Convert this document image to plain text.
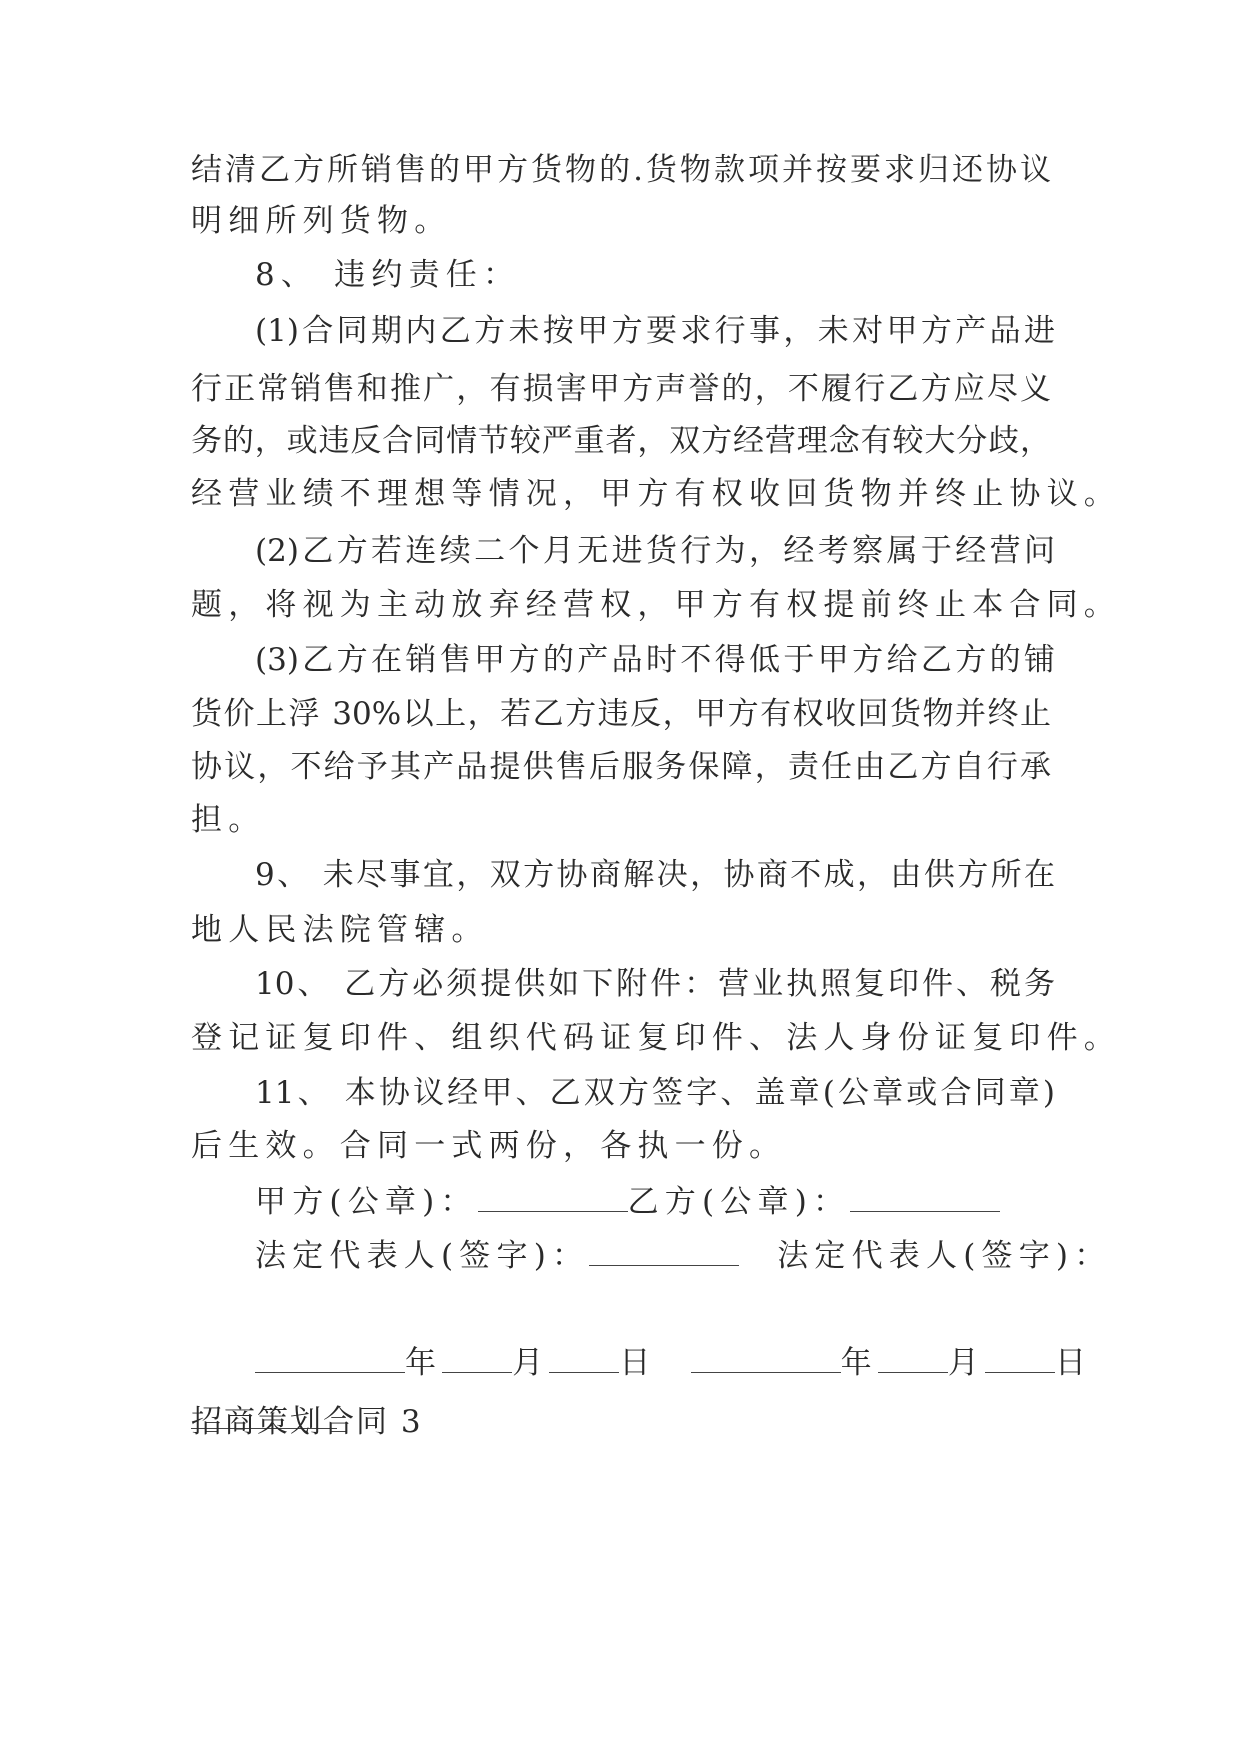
结清乙方所销售的甲方货物的.货物款项并按要求归还协议
明细所列货物。
8、 违约责任：
(1)合同期内乙方未按甲方要求行事，未对甲方产品进
行正常销售和推广，有损害甲方声誉的，不履行乙方应尽义
务的，或违反合同情节较严重者，双方经营理念有较大分歧，
经营业绩不理想等情况，甲方有权收回货物并终止协议。
(2)乙方若连续二个月无进货行为，经考察属于经营问
题，将视为主动放弃经营权，甲方有权提前终止本合同。
(3)乙方在销售甲方的产品时不得低于甲方给乙方的铺
货价上浮 30%以上，若乙方违反，甲方有权收回货物并终止
协议，不给予其产品提供售后服务保障，责任由乙方自行承
担。
9、 未尽事宜，双方协商解决，协商不成，由供方所在
地人民法院管辖。
10、 乙方必须提供如下附件：营业执照复印件、税务
登记证复印件、组织代码证复印件、法人身份证复印件。
11、 本协议经甲、乙双方签字、盖章(公章或合同章)
后生效。合同一式两份，各执一份。
甲方(公章)：	乙方(公章)：
法定代表人(签字)：	法定代表人(签字)：
年 月 日	年 月 日
招商策划合同 3
